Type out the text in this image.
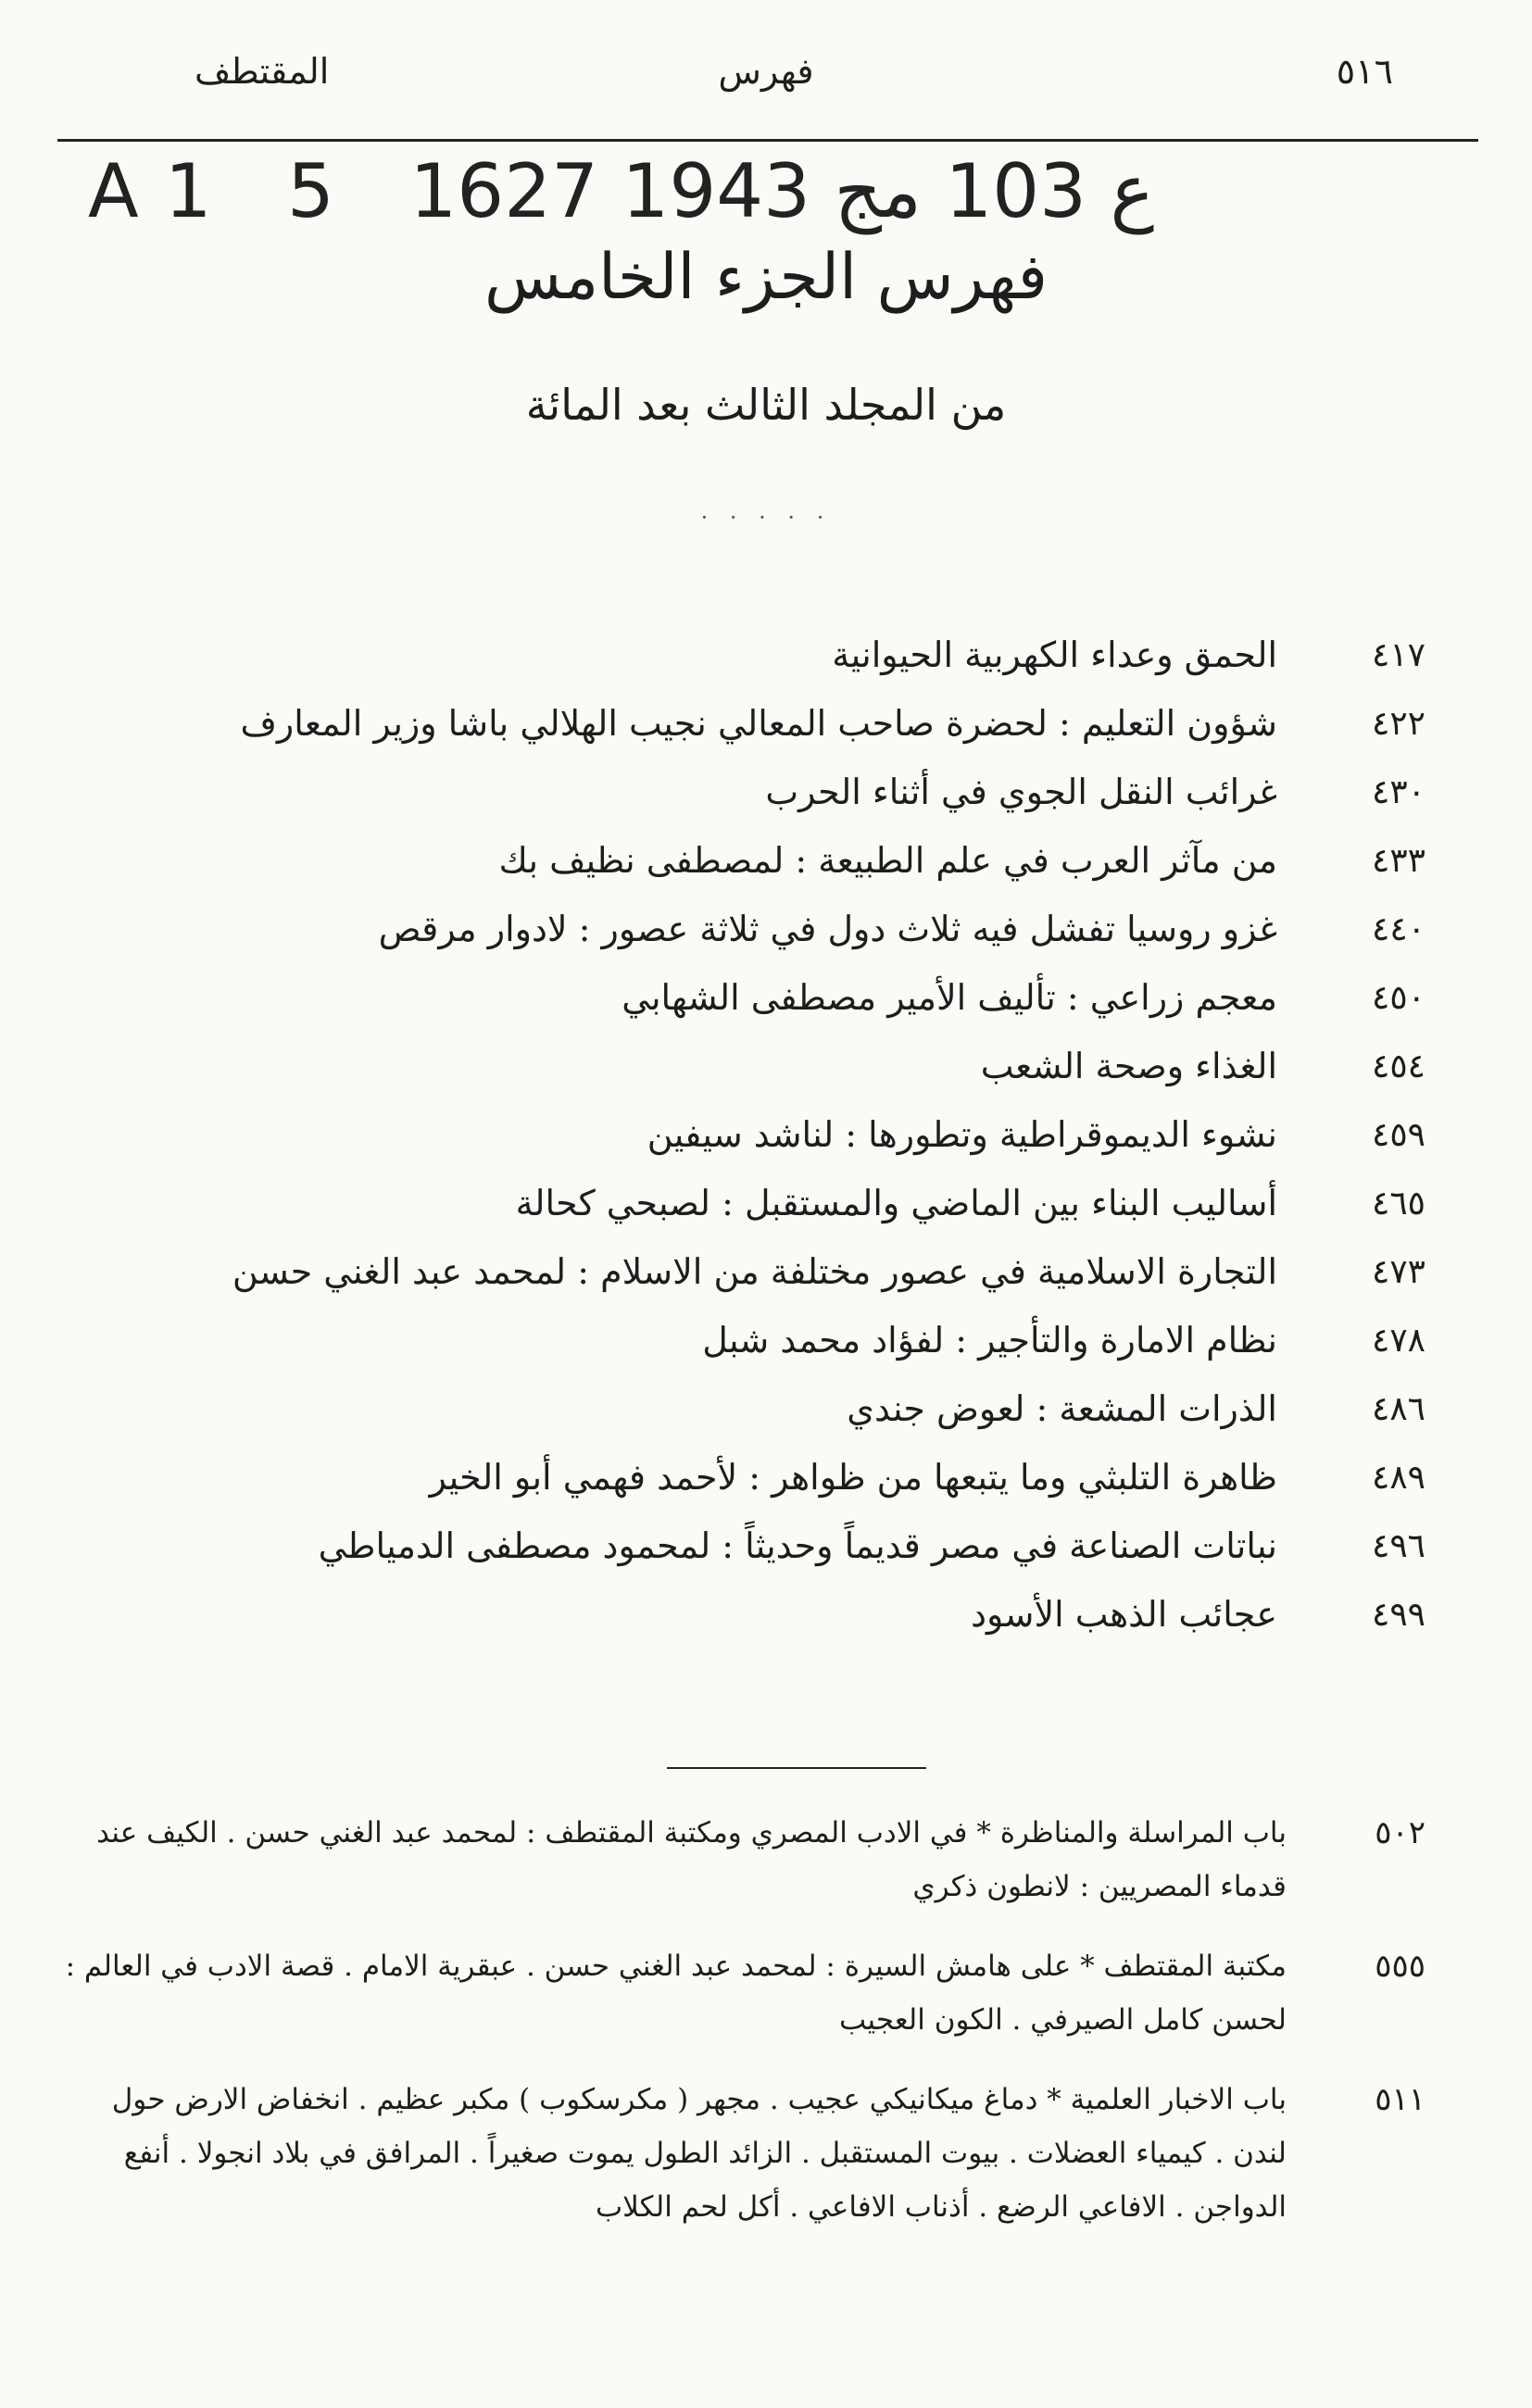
٥١٦
فهرس
المقتطف
A1 5 ع 103 مج 1943 1627
فهرس الجزء الخامس
من المجلد الثالث بعد المائة
· · · · ·
٤١٧
الحمق وعداء الكهربية الحيوانية
٤٢٢
شؤون التعليم : لحضرة صاحب المعالي نجيب الهلالي باشا وزير المعارف
٤٣٠
غرائب النقل الجوي في أثناء الحرب
٤٣٣
من مآثر العرب في علم الطبيعة : لمصطفى نظيف بك
٤٤٠
غزو روسيا تفشل فيه ثلاث دول في ثلاثة عصور : لادوار مرقص
٤٥٠
معجم زراعي : تأليف الأمير مصطفى الشهابي
٤٥٤
الغذاء وصحة الشعب
٤٥٩
نشوء الديموقراطية وتطورها : لناشد سيفين
٤٦٥
أساليب البناء بين الماضي والمستقبل : لصبحي كحالة
٤٧٣
التجارة الاسلامية في عصور مختلفة من الاسلام : لمحمد عبد الغني حسن
٤٧٨
نظام الامارة والتأجير : لفؤاد محمد شبل
٤٨٦
الذرات المشعة : لعوض جندي
٤٨٩
ظاهرة التلبثي وما يتبعها من ظواهر : لأحمد فهمي أبو الخير
٤٩٦
نباتات الصناعة في مصر قديماً وحديثاً : لمحمود مصطفى الدمياطي
٤٩٩
عجائب الذهب الأسود
٥٠٢
باب المراسلة والمناظرة * في الادب المصري ومكتبة المقتطف : لمحمد عبد الغني حسن . الكيف عند قدماء المصريين : لانطون ذكري
٥٥٥
مكتبة المقتطف * على هامش السيرة : لمحمد عبد الغني حسن . عبقرية الامام . قصة الادب في العالم : لحسن كامل الصيرفي . الكون العجيب
٥١١
باب الاخبار العلمية * دماغ ميكانيكي عجيب . مجهر ( مكرسكوب ) مكبر عظيم . انخفاض الارض حول لندن . كيمياء العضلات . بيوت المستقبل . الزائد الطول يموت صغيراً . المرافق في بلاد انجولا . أنفع الدواجن . الافاعي الرضع . أذناب الافاعي . أكل لحم الكلاب
